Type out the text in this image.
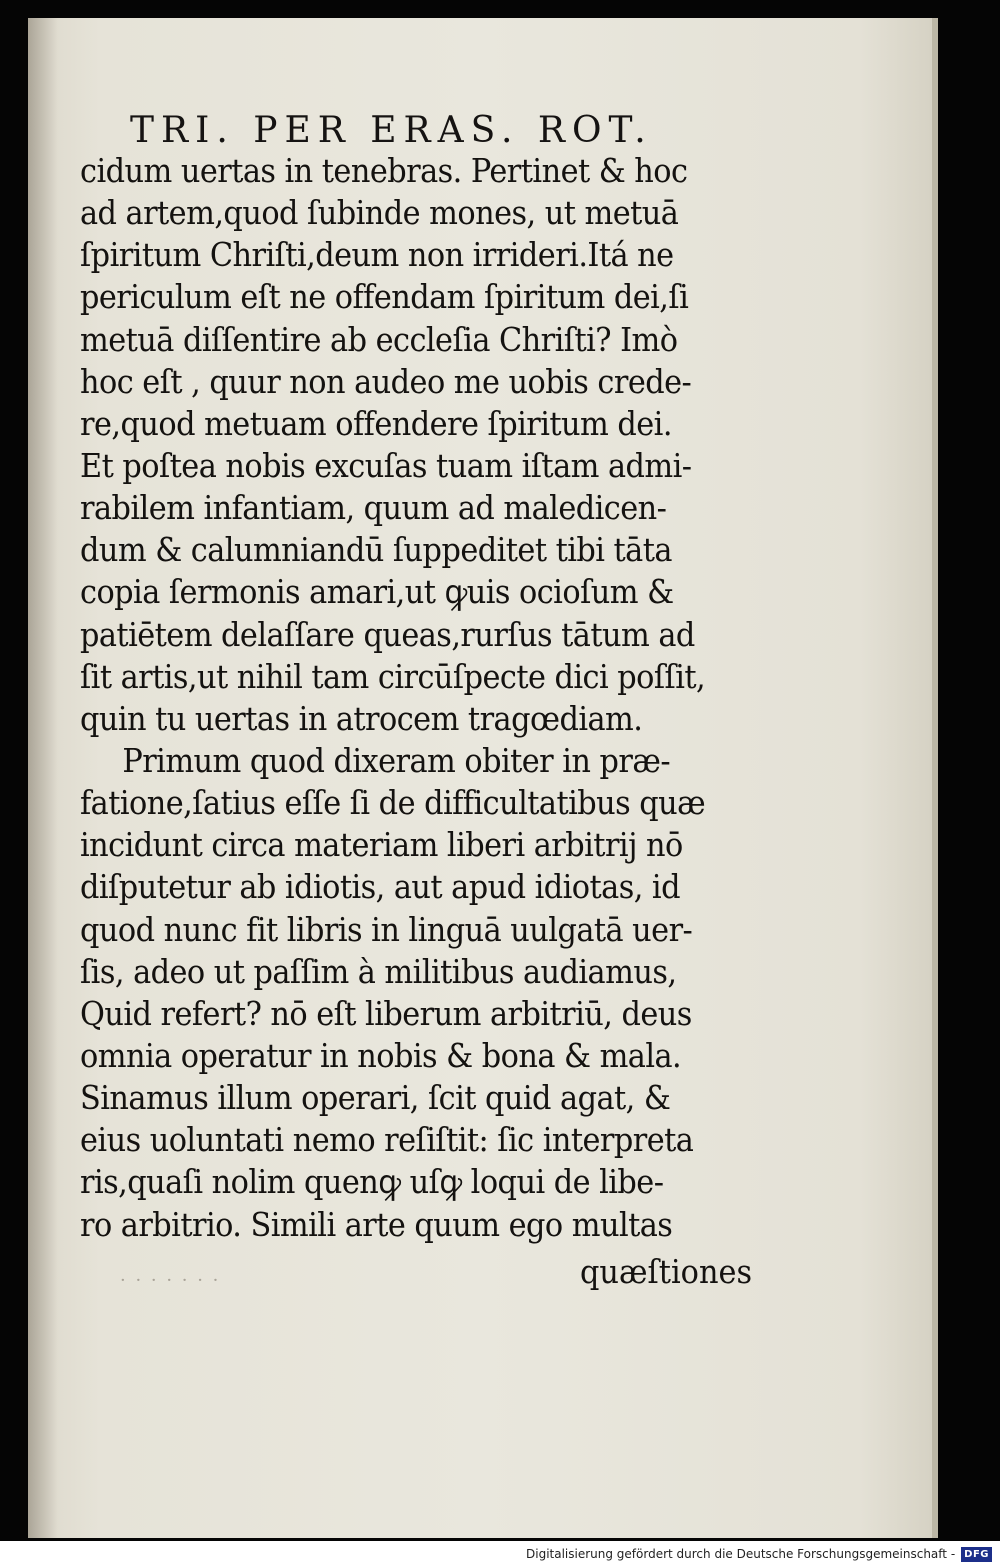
TRI. PER ERAS. ROT.
cidum uertas in tenebras. Pertinet & hoc
ad artem,quod ſubinde mones, ut metuā
ſpiritum Chriſti,deum non irrideri.Itá ne
periculum eſt ne offendam ſpiritum dei,ſi
metuā diſſentire ab eccleſia Chriſti? Imò
hoc eſt , quur non audeo me uobis crede-
re,quod metuam offendere ſpiritum dei.
Et poſtea nobis excuſas tuam iſtam admi-
rabilem infantiam, quum ad maledicen-
dum & calumniandū ſuppeditet tibi tāta
copia ſermonis amari,ut ꝙuis ocioſum &
patiētem delaſſare queas,rurſus tātum ad
ſit artis,ut nihil tam circūſpecte dici poſſit,
quin tu uertas in atrocem tragœdiam.
Primum quod dixeram obiter in præ-
fatione,ſatius eſſe ſi de difficultatibus quæ
incidunt circa materiam liberi arbitrij nō
diſputetur ab idiotis, aut apud idiotas, id
quod nunc fit libris in linguā uulgatā uer-
ſis, adeo ut paſſim à militibus audiamus,
Quid refert? nō eſt liberum arbitriū, deus
omnia operatur in nobis & bona & mala.
Sinamus illum operari, ſcit quid agat, &
eius uoluntati nemo reſiſtit: ſic interpreta
ris,quaſi nolim quenꝙ uſꝙ loqui de libe-
ro arbitrio. Simili arte quum ego multas
· · · · · · ·	quæſtiones
Digitalisierung gefördert durch die Deutsche Forschungsgemeinschaft - DFG
